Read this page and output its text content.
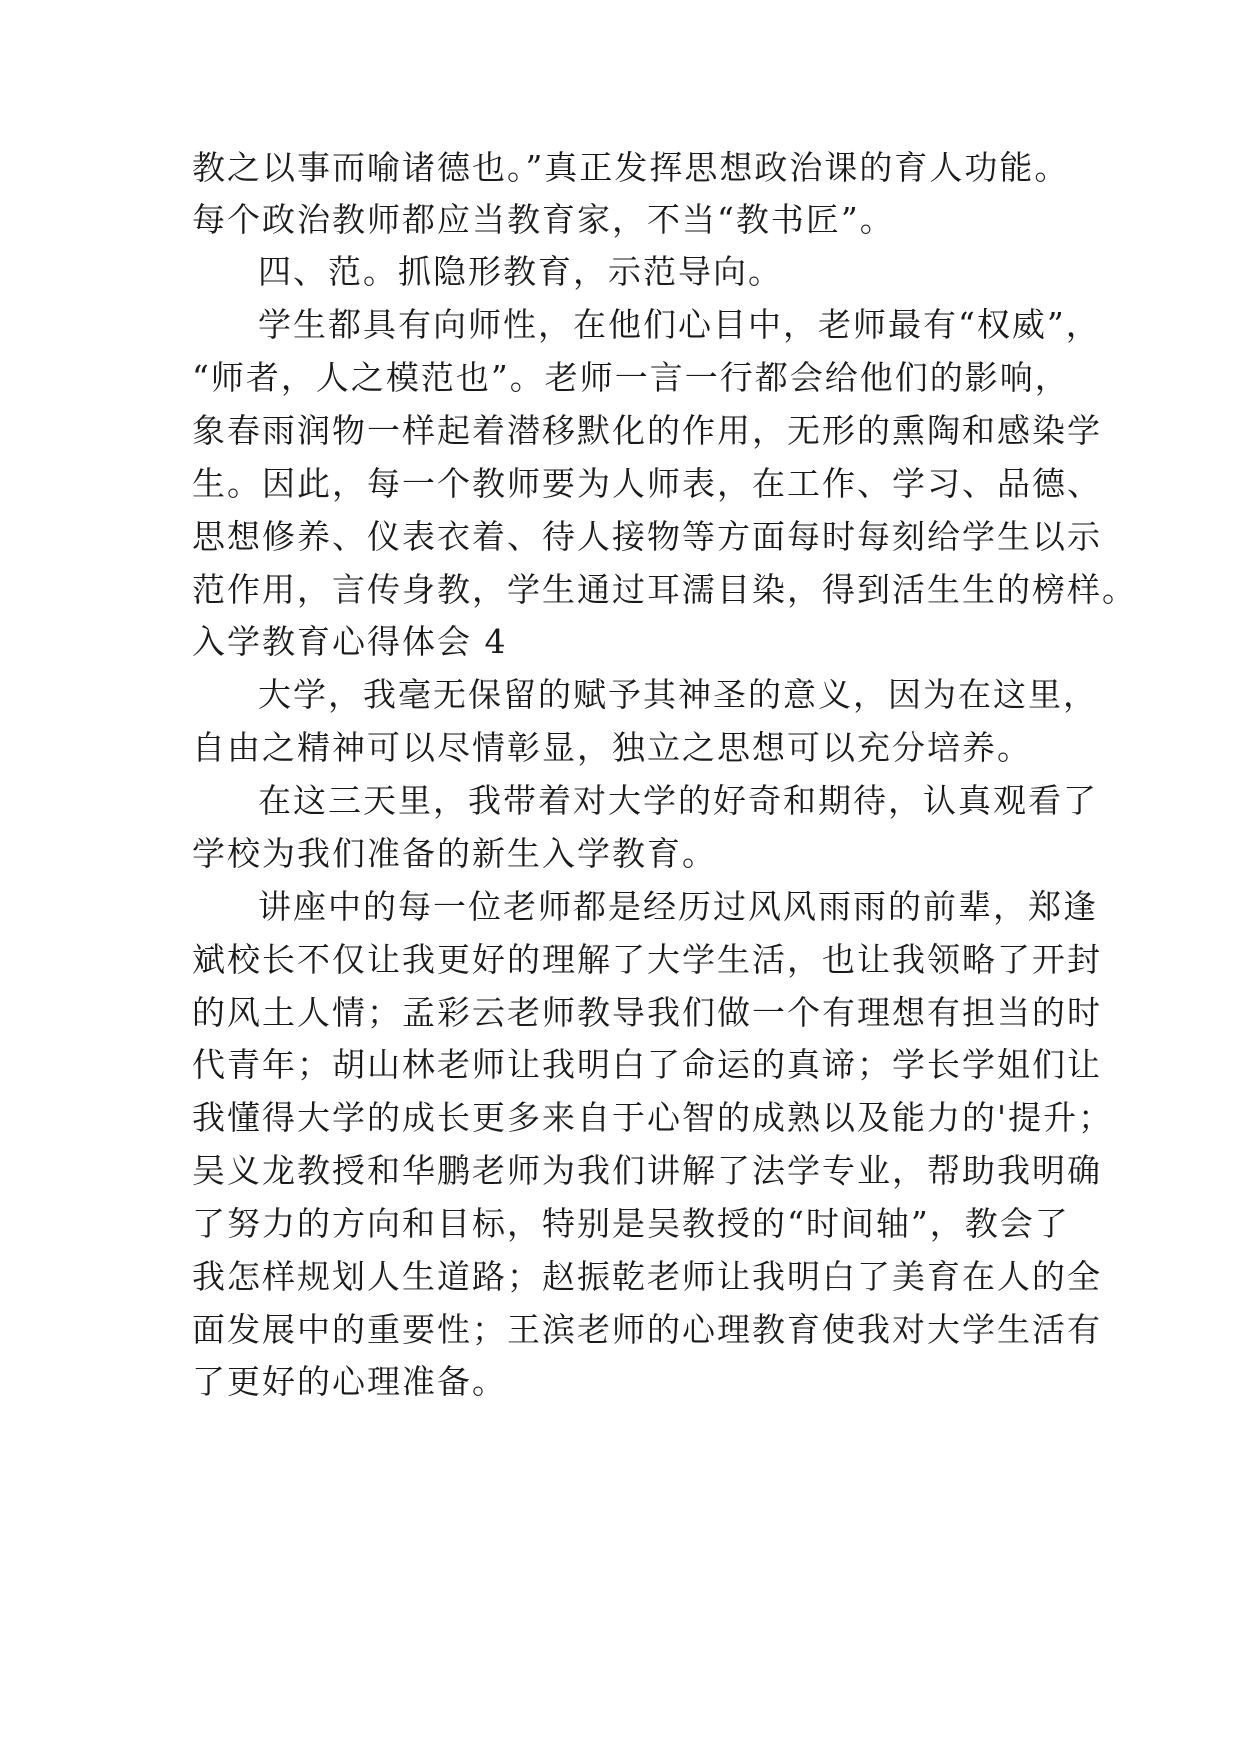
教之以事而喻诸德也。”真正发挥思想政治课的育人功能。
每个政治教师都应当教育家，不当“教书匠”。
四、范。抓隐形教育，示范导向。
学生都具有向师性，在他们心目中，老师最有“权威”，
“师者，人之模范也”。老师一言一行都会给他们的影响，
象春雨润物一样起着潜移默化的作用，无形的熏陶和感染学
生。因此，每一个教师要为人师表，在工作、学习、品德、
思想修养、仪表衣着、待人接物等方面每时每刻给学生以示
范作用，言传身教，学生通过耳濡目染，得到活生生的榜样。
入学教育心得体会 4
大学，我毫无保留的赋予其神圣的意义，因为在这里，
自由之精神可以尽情彰显，独立之思想可以充分培养。
在这三天里，我带着对大学的好奇和期待，认真观看了
学校为我们准备的新生入学教育。
讲座中的每一位老师都是经历过风风雨雨的前辈，郑逢
斌校长不仅让我更好的理解了大学生活，也让我领略了开封
的风土人情；孟彩云老师教导我们做一个有理想有担当的时
代青年；胡山林老师让我明白了命运的真谛；学长学姐们让
我懂得大学的成长更多来自于心智的成熟以及能力的'提升；
吴义龙教授和华鹏老师为我们讲解了法学专业，帮助我明确
了努力的方向和目标，特别是吴教授的“时间轴”，教会了
我怎样规划人生道路；赵振乾老师让我明白了美育在人的全
面发展中的重要性；王滨老师的心理教育使我对大学生活有
了更好的心理准备。
